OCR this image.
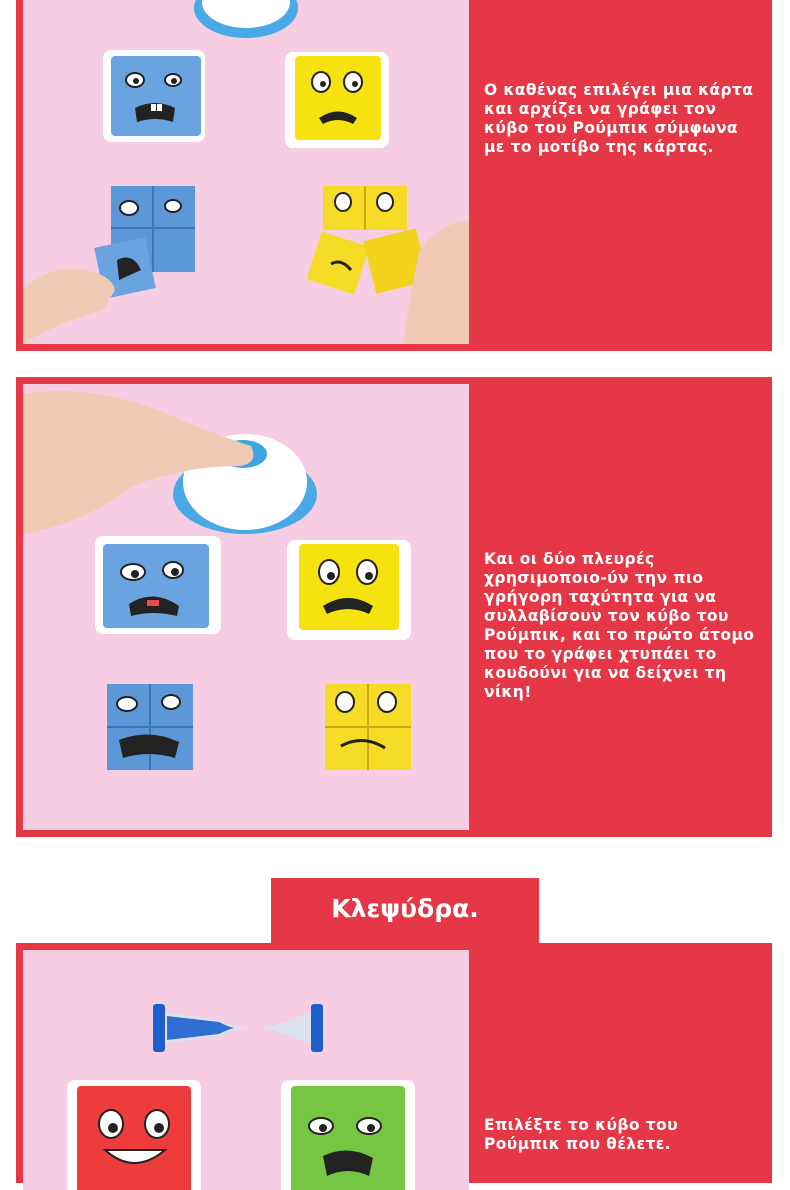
Ο καθένας επιλέγει μια κάρτα και αρχίζει να γράφει τον κύβο του Ρούμπικ σύμφωνα με το μοτίβο της κάρτας.
Και οι δύο πλευρές χρησιμοποιο-ύν την πιο γρήγορη ταχύτητα για να συλλαβίσουν τον κύβο του Ρούμπικ, και το πρώτο άτομο που το γράφει χτυπάει το κουδούνι για να δείχνει τη νίκη!
Κλεψύδρα.
Επιλέξτε το κύβο του Ρούμπικ που θέλετε.
